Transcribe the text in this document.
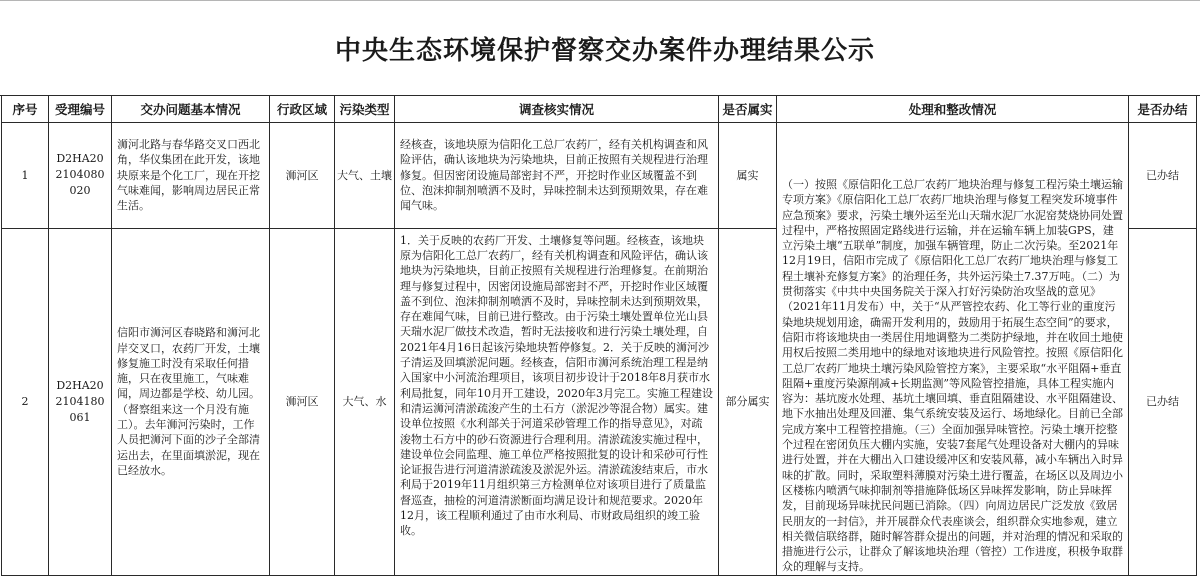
中央生态环境保护督察交办案件办理结果公示
序号	受理编号	交办问题基本情况	行政区域	污染类型	调查核实情况	是否属实	处理和整改情况	是否办结
1	D2HA202104080020	浉河北路与春华路交叉口西北角，华仪集团在此开发，该地块原来是个化工厂，现在开挖气味难闻，影响周边居民正常生活。	浉河区	大气、土壤	经核查，该地块原为信阳化工总厂农药厂，经有关机构调查和风险评估，确认该地块为污染地块，目前正按照有关规程进行治理修复。但因密闭设施局部密封不严，开挖时作业区域覆盖不到位、泡沫抑制剂喷洒不及时，异味控制未达到预期效果，存在难闻气味。	属实	（一）按照《原信阳化工总厂农药厂地块治理与修复工程污染土壤运输专项方案》《原信阳化工总厂农药厂地块治理与修复工程突发环境事件应急预案》要求，污染土壤外运至光山天瑞水泥厂水泥窑焚烧协同处置过程中，严格按照固定路线进行运输，并在运输车辆上加装GPS，建立污染土壤“五联单”制度，加强车辆管理，防止二次污染。至2021年12月19日，信阳市完成了《原信阳化工总厂农药厂地块治理与修复工程土壤补充修复方案》的治理任务，共外运污染土7.37万吨。（二）为贯彻落实《中共中央国务院关于深入打好污染防治攻坚战的意见》（2021年11月发布）中，关于“从严管控农药、化工等行业的重度污染地块规划用途，确需开发利用的，鼓励用于拓展生态空间”的要求，信阳市将该地块由一类居住用地调整为二类防护绿地，并在收回土地使用权后按照二类用地中的绿地对该地块进行风险管控。按照《原信阳化工总厂农药厂地块土壤污染风险管控方案》，主要采取“水平阻隔+垂直阻隔+重度污染源削减+长期监测”等风险管控措施，具体工程实施内容为：基坑废水处理、基坑土壤回填、垂直阻隔建设、水平阻隔建设、地下水抽出处理及回灌、集气系统安装及运行、场地绿化。目前已全部完成方案中工程管控措施。（三）全面加强异味管控。污染土壤开挖整个过程在密闭负压大棚内实施，安装7套尾气处理设备对大棚内的异味进行处置，并在大棚出入口建设缓冲区和安装风幕，减小车辆出入时异味的扩散。同时，采取塑料薄膜对污染土进行覆盖，在场区以及周边小区楼栋内喷洒气味抑制剂等措施降低场区异味挥发影响，防止异味挥发，目前现场异味扰民问题已消除。（四）向周边居民广泛发放《致居民朋友的一封信》，并开展群众代表座谈会，组织群众实地参观，建立相关微信联络群，随时解答群众提出的问题，并对治理的情况和采取的措施进行公示，让群众了解该地块治理（管控）工作进度，积极争取群众的理解与支持。	已办结
2	D2HA202104180061	信阳市浉河区春晓路和浉河北岸交叉口，农药厂开发，土壤修复施工时没有采取任何措施，只在夜里施工，气味难闻，周边都是学校、幼儿园。（督察组来这一个月没有施工）。去年浉河污染时，工作人员把浉河下面的沙子全部清运出去，在里面填淤泥，现在已经放水。	浉河区	大气、水	1．关于反映的农药厂开发、土壤修复等问题。经核查，该地块原为信阳化工总厂农药厂，经有关机构调查和风险评估，确认该地块为污染地块，目前正按照有关规程进行治理修复。在前期治理与修复过程中，因密闭设施局部密封不严，开挖时作业区域覆盖不到位、泡沫抑制剂喷洒不及时，异味控制未达到预期效果，存在难闻气味，目前已进行整改。由于污染土壤处置单位光山县天瑞水泥厂做技术改造，暂时无法接收和进行污染土壤处理，自2021年4月16日起该污染地块暂停修复。2．关于反映的浉河沙子清运及回填淤泥问题。经核查，信阳市浉河系统治理工程是纳入国家中小河流治理项目，该项目初步设计于2018年8月获市水利局批复，同年10月开工建设，2020年3月完工。实施工程建设和清运浉河清淤疏浚产生的土石方（淤泥沙等混合物）属实。建设单位按照《水利部关于河道采砂管理工作的指导意见》，对疏浚物土石方中的砂石资源进行合理利用。清淤疏浚实施过程中，建设单位会同监理、施工单位严格按照批复的设计和采砂可行性论证报告进行河道清淤疏浚及淤泥外运。清淤疏浚结束后，市水利局于2019年11月组织第三方检测单位对该项目进行了质量监督巡查，抽检的河道清淤断面均满足设计和规范要求。2020年12月，该工程顺利通过了由市水利局、市财政局组织的竣工验收。	部分属实		已办结
